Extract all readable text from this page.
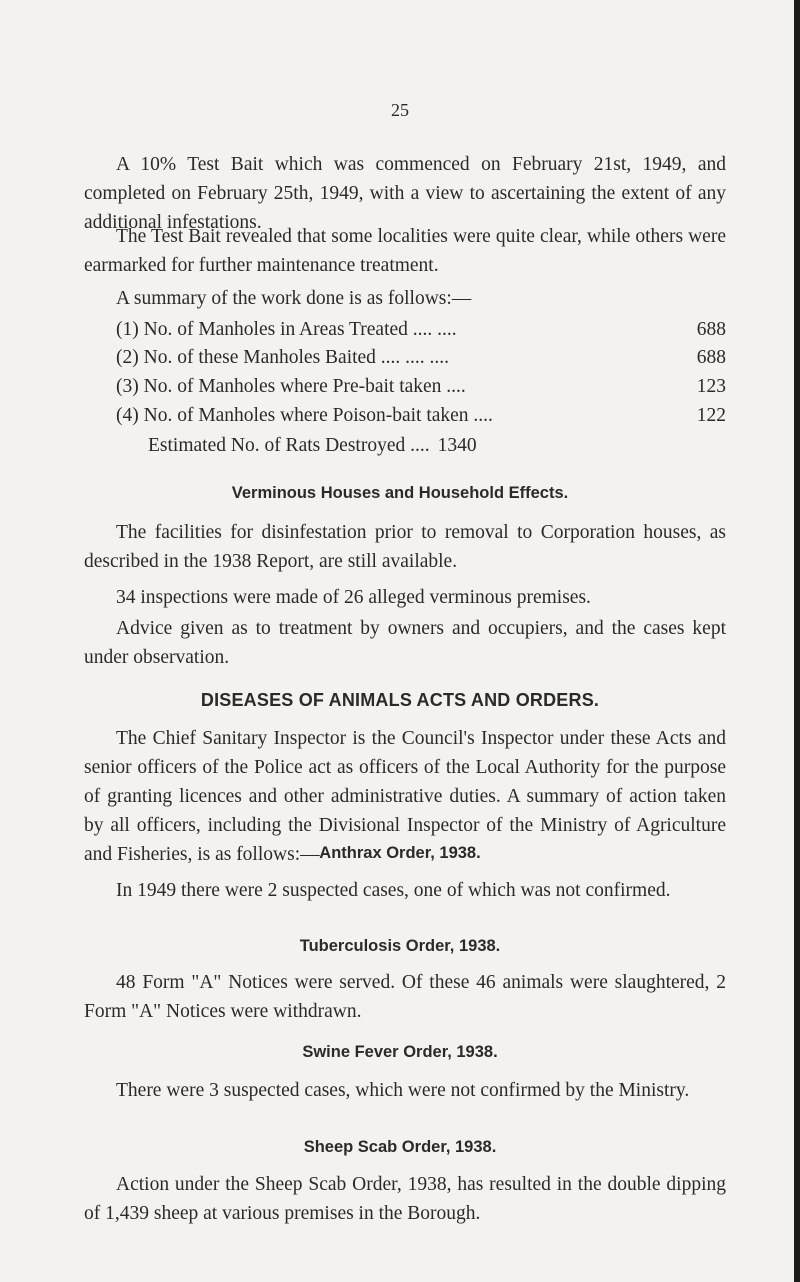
25

A 10% Test Bait which was commenced on February 21st, 1949, and completed on February 25th, 1949, with a view to ascertaining the extent of any additional infestations.

The Test Bait revealed that some localities were quite clear, while others were earmarked for further maintenance treatment.

A summary of the work done is as follows:—

(1) No. of Manholes in Areas Treated .... ....	688
(2) No. of these Manholes Baited .... .... ....	688
(3) No. of Manholes where Pre-bait taken ....	123
(4) No. of Manholes where Poison-bait taken ....	122
Estimated No. of Rats Destroyed .... 1340
Verminous Houses and Household Effects.

The facilities for disinfestation prior to removal to Corporation houses, as described in the 1938 Report, are still available.

34 inspections were made of 26 alleged verminous premises.

Advice given as to treatment by owners and occupiers, and the cases kept under observation.

DISEASES OF ANIMALS ACTS AND ORDERS.

The Chief Sanitary Inspector is the Council's Inspector under these Acts and senior officers of the Police act as officers of the Local Authority for the purpose of granting licences and other administrative duties. A summary of action taken by all officers, including the Divisional Inspector of the Ministry of Agriculture and Fisheries, is as follows:— Anthrax Order, 1938.

In 1949 there were 2 suspected cases, one of which was not confirmed.

Tuberculosis Order, 1938.

48 Form "A" Notices were served. Of these 46 animals were slaughtered, 2 Form "A" Notices were withdrawn.

Swine Fever Order, 1938.

There were 3 suspected cases, which were not confirmed by the Ministry.

Sheep Scab Order, 1938.

Action under the Sheep Scab Order, 1938, has resulted in the double dipping of 1,439 sheep at various premises in the Borough.
